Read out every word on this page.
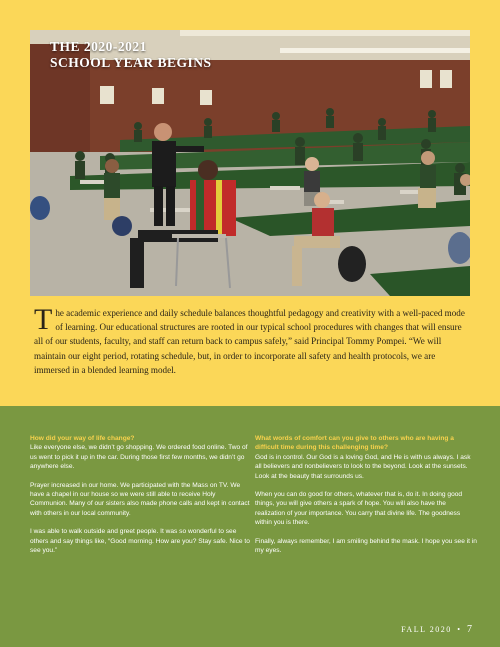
THE 2020-2021
SCHOOL YEAR BEGINS
The academic experience and daily schedule balances thoughtful pedagogy and creativity with a well-paced mode of learning. Our educational structures are rooted in our typical school procedures with changes that will ensure all of our students, faculty, and staff can return back to campus safely,” said Principal Tommy Pompei. “We will maintain our eight period, rotating schedule, but, in order to incorporate all safety and health protocols, we are immersed in a blended learning model.
How did your way of life change?
Like everyone else, we didn’t go shopping. We ordered food online. Two of us went to pick it up in the car. During those first few months, we didn’t go anywhere else.
Prayer increased in our home. We participated with the Mass on TV. We have a chapel in our house so we were still able to receive Holy Communion. Many of our sisters also made phone calls and kept in contact with others in our local community.
I was able to walk outside and greet people. It was so wonderful to see others and say things like, “Good morning. How are you? Stay safe. Nice to see you.”
What words of comfort can you give to others who are having a difficult time during this challenging time?
God is in control. Our God is a loving God, and He is with us always. I ask all believers and nonbelievers to look to the beyond. Look at the sunsets. Look at the beauty that surrounds us.
When you can do good for others, whatever that is, do it. In doing good things, you will give others a spark of hope. You will also have the realization of your importance. You carry that divine life. The goodness within you is there.
Finally, always remember, I am smiling behind the mask. I hope you see it in my eyes.
FALL 2020 • 7
